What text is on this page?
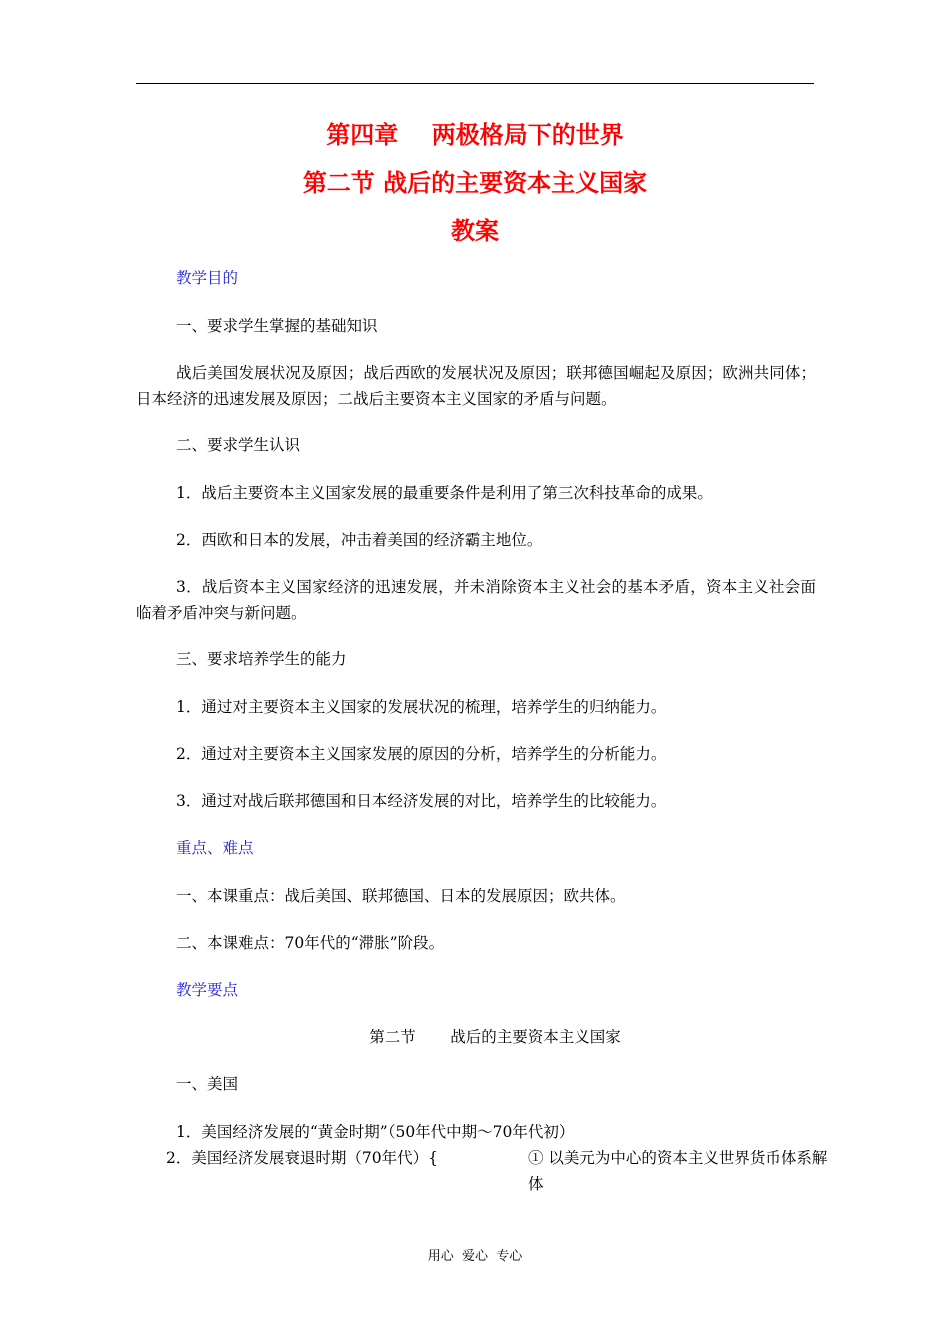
第四章    两极格局下的世界
第二节 战后的主要资本主义国家
教案
教学目的
一、要求学生掌握的基础知识
战后美国发展状况及原因；战后西欧的发展状况及原因；联邦德国崛起及原因；欧洲共同体；日本经济的迅速发展及原因；二战后主要资本主义国家的矛盾与问题。
二、要求学生认识
1．战后主要资本主义国家发展的最重要条件是利用了第三次科技革命的成果。
2．西欧和日本的发展，冲击着美国的经济霸主地位。
3．战后资本主义国家经济的迅速发展，并未消除资本主义社会的基本矛盾，资本主义社会面临着矛盾冲突与新问题。
三、要求培养学生的能力
1．通过对主要资本主义国家的发展状况的梳理，培养学生的归纳能力。
2．通过对主要资本主义国家发展的原因的分析，培养学生的分析能力。
3．通过对战后联邦德国和日本经济发展的对比，培养学生的比较能力。
重点、难点
一、本课重点：战后美国、联邦德国、日本的发展原因；欧共体。
二、本课难点：70年代的“滞胀”阶段。
教学要点
第二节       战后的主要资本主义国家
一、美国
1．美国经济发展的“黄金时期”（50年代中期～70年代初）
2．美国经济发展衰退时期（70年代）{	① 以美元为中心的资本主义世界货币体系解体
用心  爱心  专心
